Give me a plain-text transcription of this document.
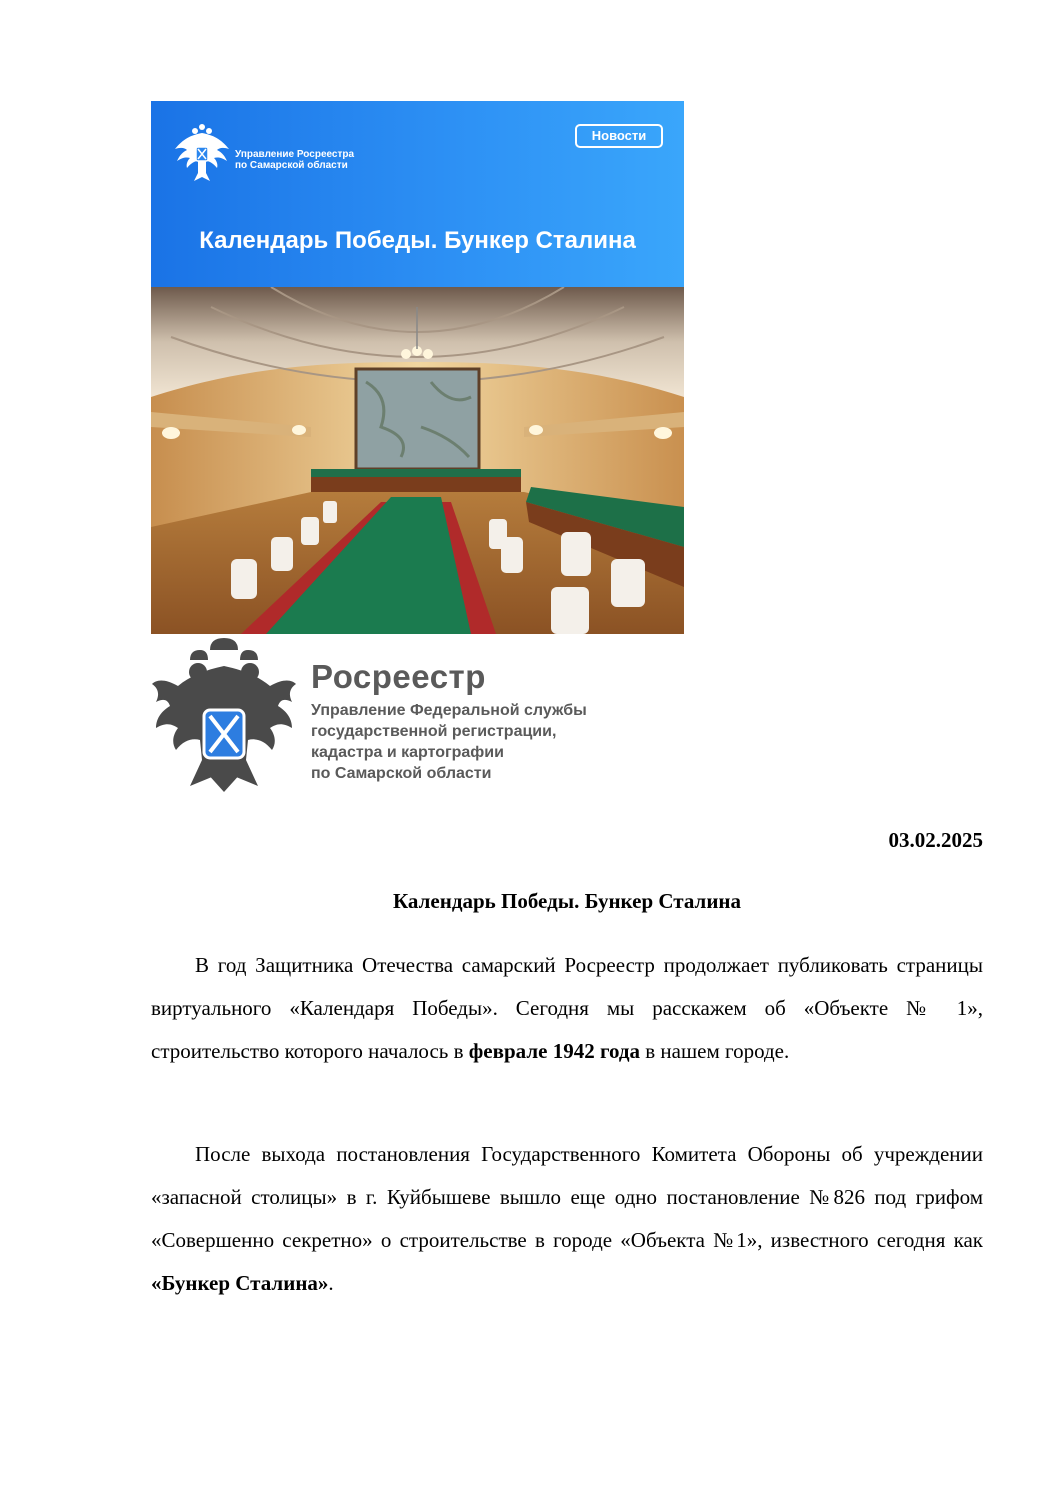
Управление Росреестра
по Самарской области
Новости
Календарь Победы. Бункер Сталина
Росреестр
Управление Федеральной службы
государственной регистрации,
кадастра и картографии
по Самарской области
03.02.2025
Календарь Победы. Бункер Сталина

В год Защитника Отечества самарский Росреестр продолжает публиковать страницы виртуального «Календаря Победы». Сегодня мы расскажем об «Объекте № 1», строительство которого началось в феврале 1942 года в нашем городе.

После выхода постановления Государственного Комитета Обороны об учреждении «запасной столицы» в г. Куйбышеве вышло еще одно постановление №826 под грифом «Совершенно секретно» о строительстве в городе «Объекта №1», известного сегодня как «Бункер Сталина».
